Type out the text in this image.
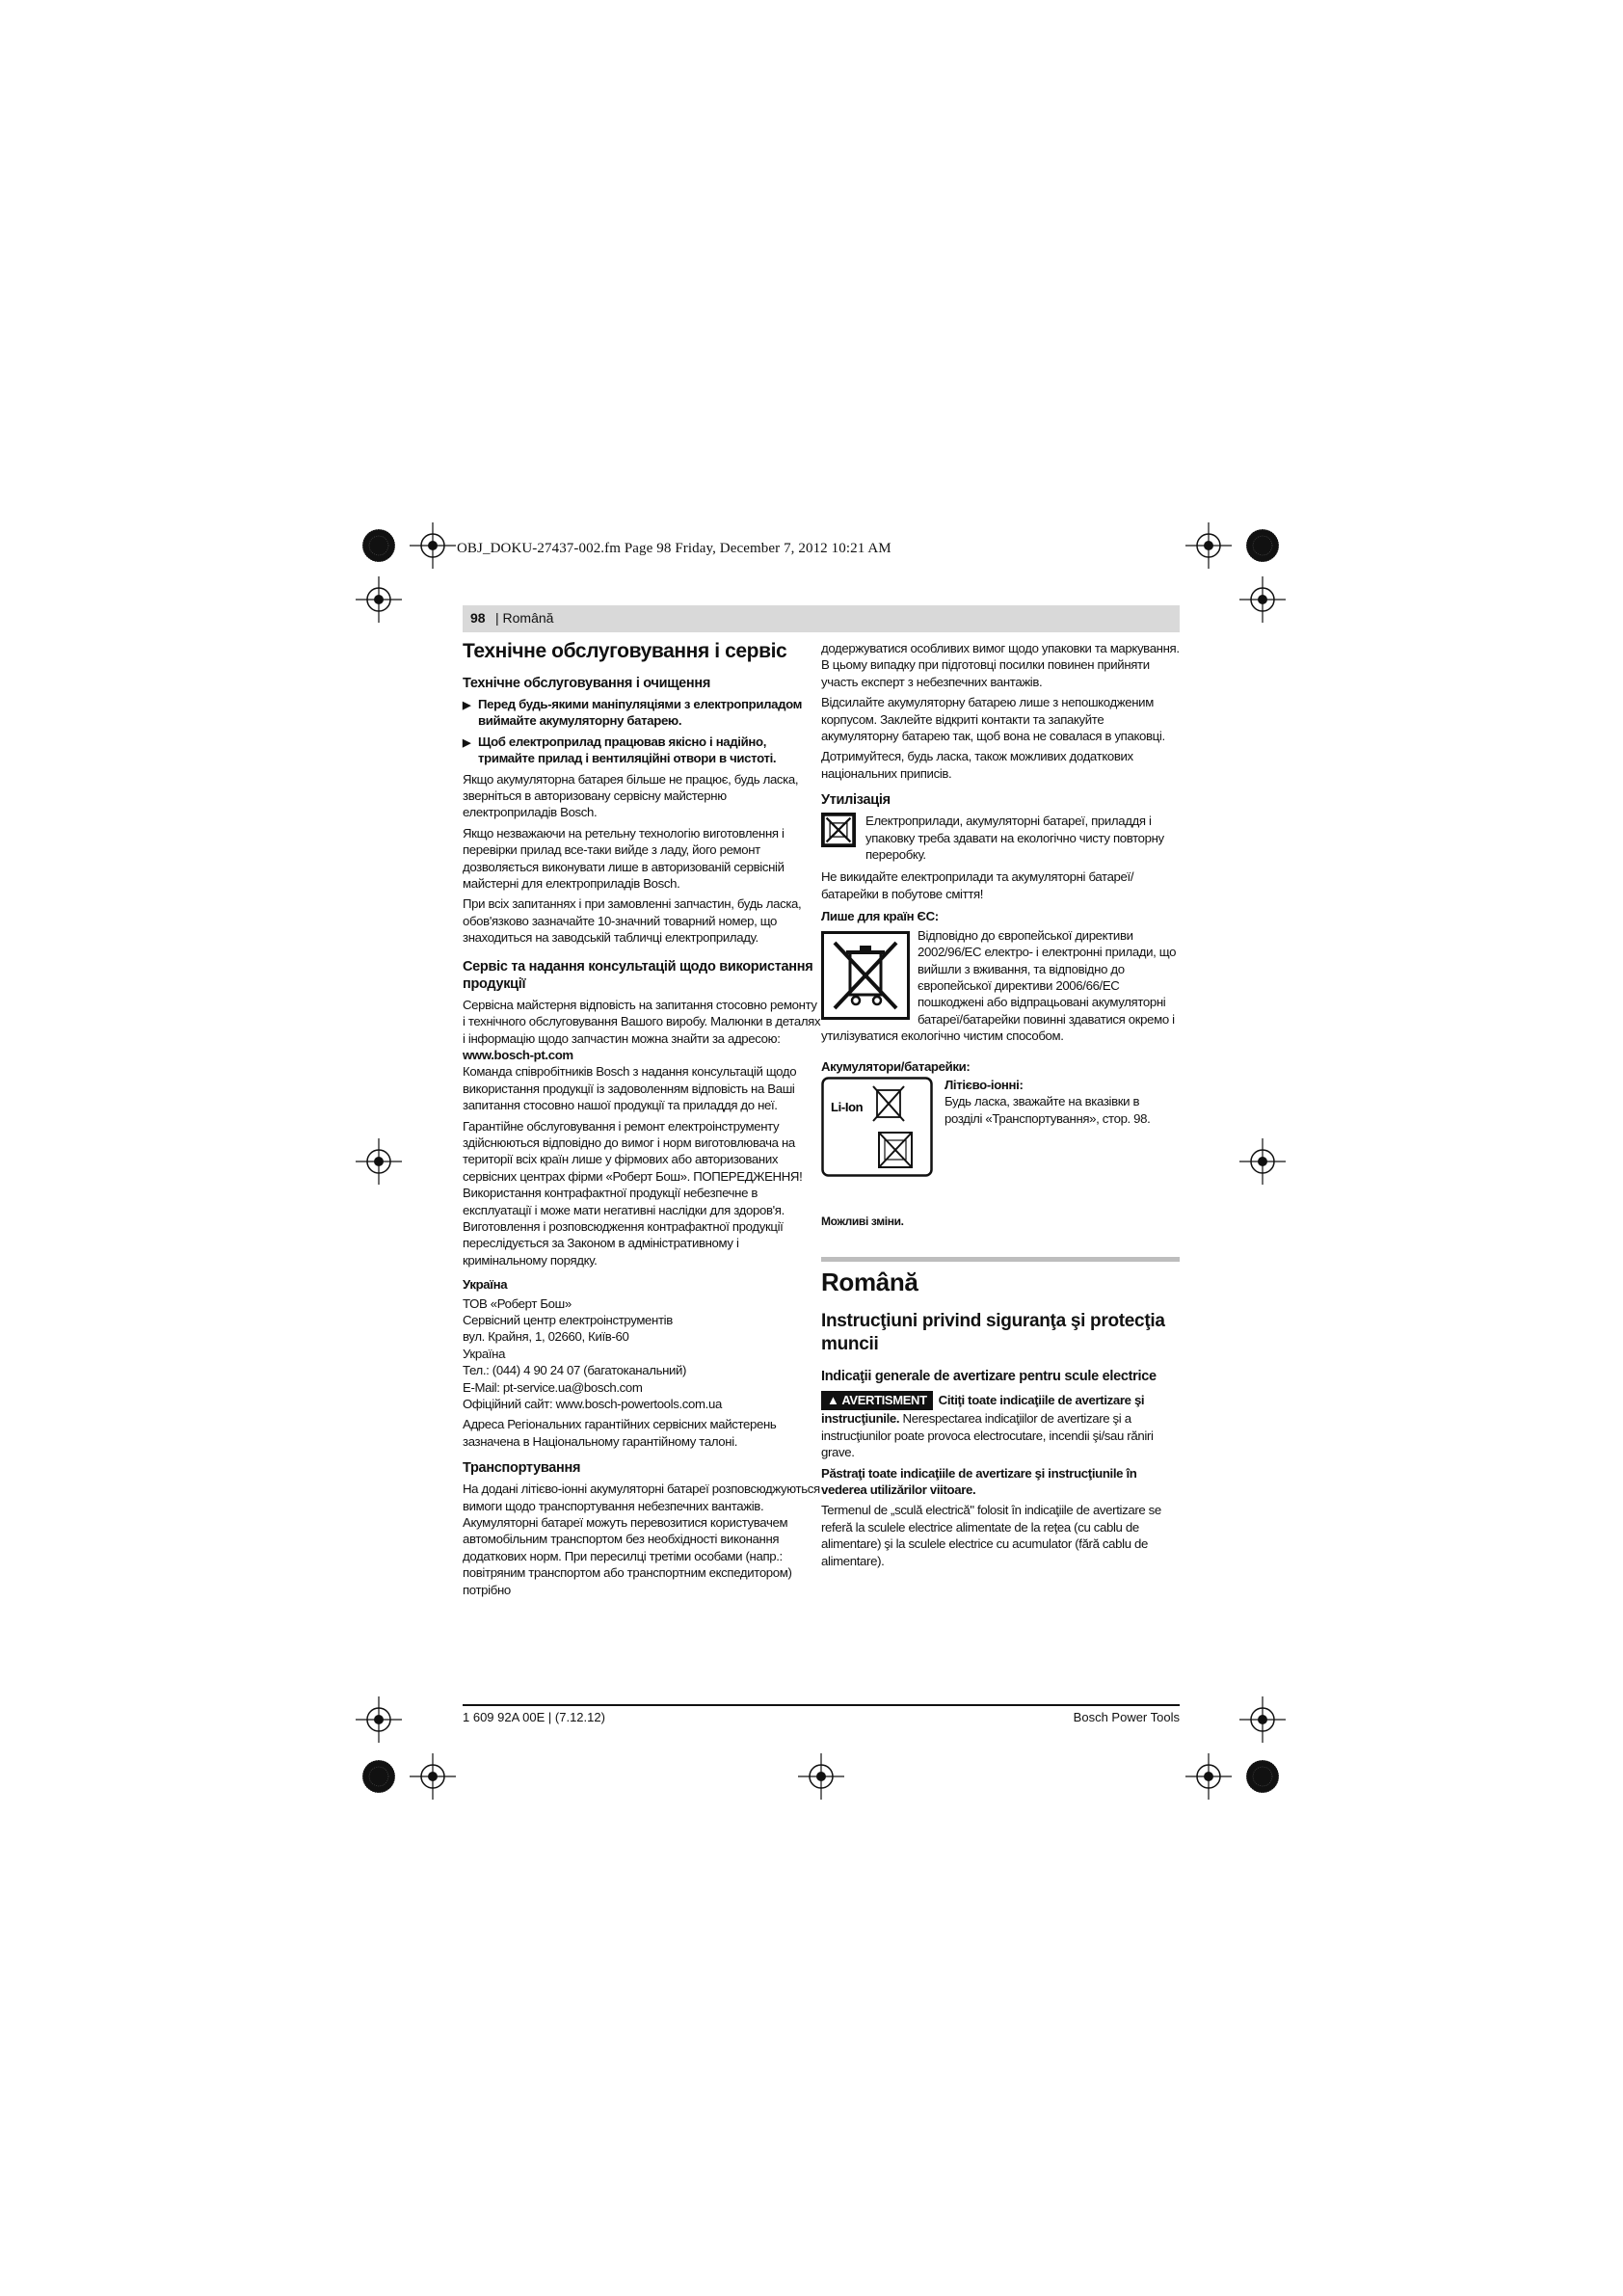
OBJ_DOKU-27437-002.fm Page 98 Friday, December 7, 2012 10:21 AM
98 | Română
Технічне обслуговування і сервіс
Технічне обслуговування і очищення
▶ Перед будь-якими маніпуляціями з електроприладом виймайте акумуляторну батарею.
▶ Щоб електроприлад працював якісно і надійно, тримайте прилад і вентиляційні отвори в чистоті.

Якщо акумуляторна батарея більше не працює, будь ласка, зверніться в авторизовану сервісну майстерню електроприладів Bosch.

Якщо незважаючи на ретельну технологію виготовлення і перевірки прилад все-таки вийде з ладу, його ремонт дозволяється виконувати лише в авторизованій сервісній майстерні для електроприладів Bosch.

При всіх запитаннях і при замовленні запчастин, будь ласка, обов'язково зазначайте 10-значний товарний номер, що знаходиться на заводській табличці електроприладу.

Сервіс та надання консультацій щодо використання продукції

Сервісна майстерня відповість на запитання стосовно ремонту і технічного обслуговування Вашого виробу. Малюнки в деталях і інформацію щодо запчастин можна знайти за адресою:

www.bosch-pt.com

Команда співробітників Bosch з надання консультацій щодо використання продукції із задоволенням відповість на Ваші запитання стосовно нашої продукції та приладдя до неї.

Гарантійне обслуговування і ремонт електроінструменту здійснюються відповідно до вимог і норм виготовлювача на території всіх країн лише у фірмових або авторизованих сервісних центрах фірми «Роберт Бош». ПОПЕРЕДЖЕННЯ! Використання контрафактної продукції небезпечне в експлуатації і може мати негативні наслідки для здоров'я. Виготовлення і розповсюдження контрафактної продукції переслідується за Законом в адміністративному і кримінальному порядку.

Україна
ТОВ «Роберт Бош»
Сервісний центр електроінструментів
вул. Крайня, 1, 02660, Київ-60
Україна
Тел.: (044) 4 90 24 07 (багатоканальний)
E-Mail: pt-service.ua@bosch.com
Офіційний сайт: www.bosch-powertools.com.ua

Адреса Регіональних гарантійних сервісних майстерень зазначена в Національному гарантійному талоні.

Транспортування

На додані літієво-іонні акумуляторні батареї розповсюджуються вимоги щодо транспортування небезпечних вантажів. Акумуляторні батареї можуть перевозитися користувачем автомобільним транспортом без необхідності виконання додаткових норм. При пересилці третіми особами (напр.: повітряним транспортом або транспортним експедитором) потрібно

додержуватися особливих вимог щодо упаковки та маркування. В цьому випадку при підготовці посилки повинен прийняти участь експерт з небезпечних вантажів.

Відсилайте акумуляторну батарею лише з непошкодженим корпусом. Заклейте відкриті контакти та запакуйте акумуляторну батарею так, щоб вона не совалася в упаковці.

Дотримуйтеся, будь ласка, також можливих додаткових національних приписів.

Утилізація
Електроприлади, акумуляторні батареї, приладдя і упаковку треба здавати на екологічно чисту повторну переробку.

Не викидайте електроприлади та акумуляторні батареї/батарейки в побутове сміття!

Лише для країн ЄС:
Відповідно до європейської директиви 2002/96/ЕС електро- і електронні прилади, що вийшли з вживання, та відповідно до європейської директиви 2006/66/ЕС пошкоджені або відпрацьовані акумуляторні батареї/батарейки повинні здаватися окремо і утилізуватися екологічно чистим способом.
Акумулятори/батарейки:
Li-Ion
Літієво-іонні:
Будь ласка, зважайте на вказівки в розділі «Транспортування», стор. 98.

Можливі зміни.

Română
Instrucţiuni privind siguranţa şi protecţia muncii
Indicaţii generale de avertizare pentru scule electrice

▲ AVERTISMENT Citiţi toate indicaţiile de avertizare şi instrucţiunile. Nerespectarea indicaţiilor de avertizare şi a instrucţiunilor poate provoca electrocutare, incendii şi/sau răniri grave.

Păstraţi toate indicaţiile de avertizare şi instrucţiunile în vederea utilizărilor viitoare.

Termenul de „sculă electrică" folosit în indicaţiile de avertizare se referă la sculele electrice alimentate de la reţea (cu cablu de alimentare) şi la sculele electrice cu acumulator (fără cablu de alimentare).

1 609 92A 00E | (7.12.12)	Bosch Power Tools
